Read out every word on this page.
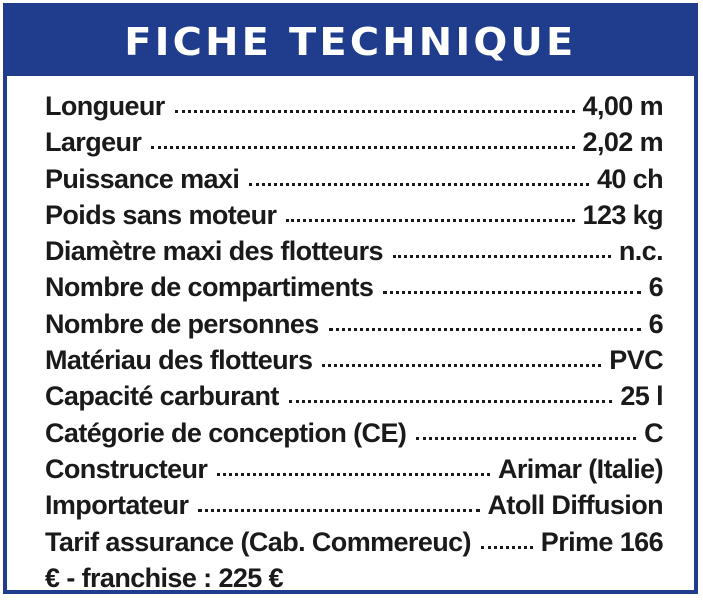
FICHE TECHNIQUE
Longueur	4,00 m
Largeur	2,02 m
Puissance maxi	40 ch
Poids sans moteur	123 kg
Diamètre maxi des flotteurs	n.c.
Nombre de compartiments	6
Nombre de personnes	6
Matériau des flotteurs	PVC
Capacité carburant	25 l
Catégorie de conception (CE)	C
Constructeur	Arimar (Italie)
Importateur	Atoll Diffusion
Tarif assurance (Cab. Commereuc)	Prime 166
€ - franchise : 225 €
